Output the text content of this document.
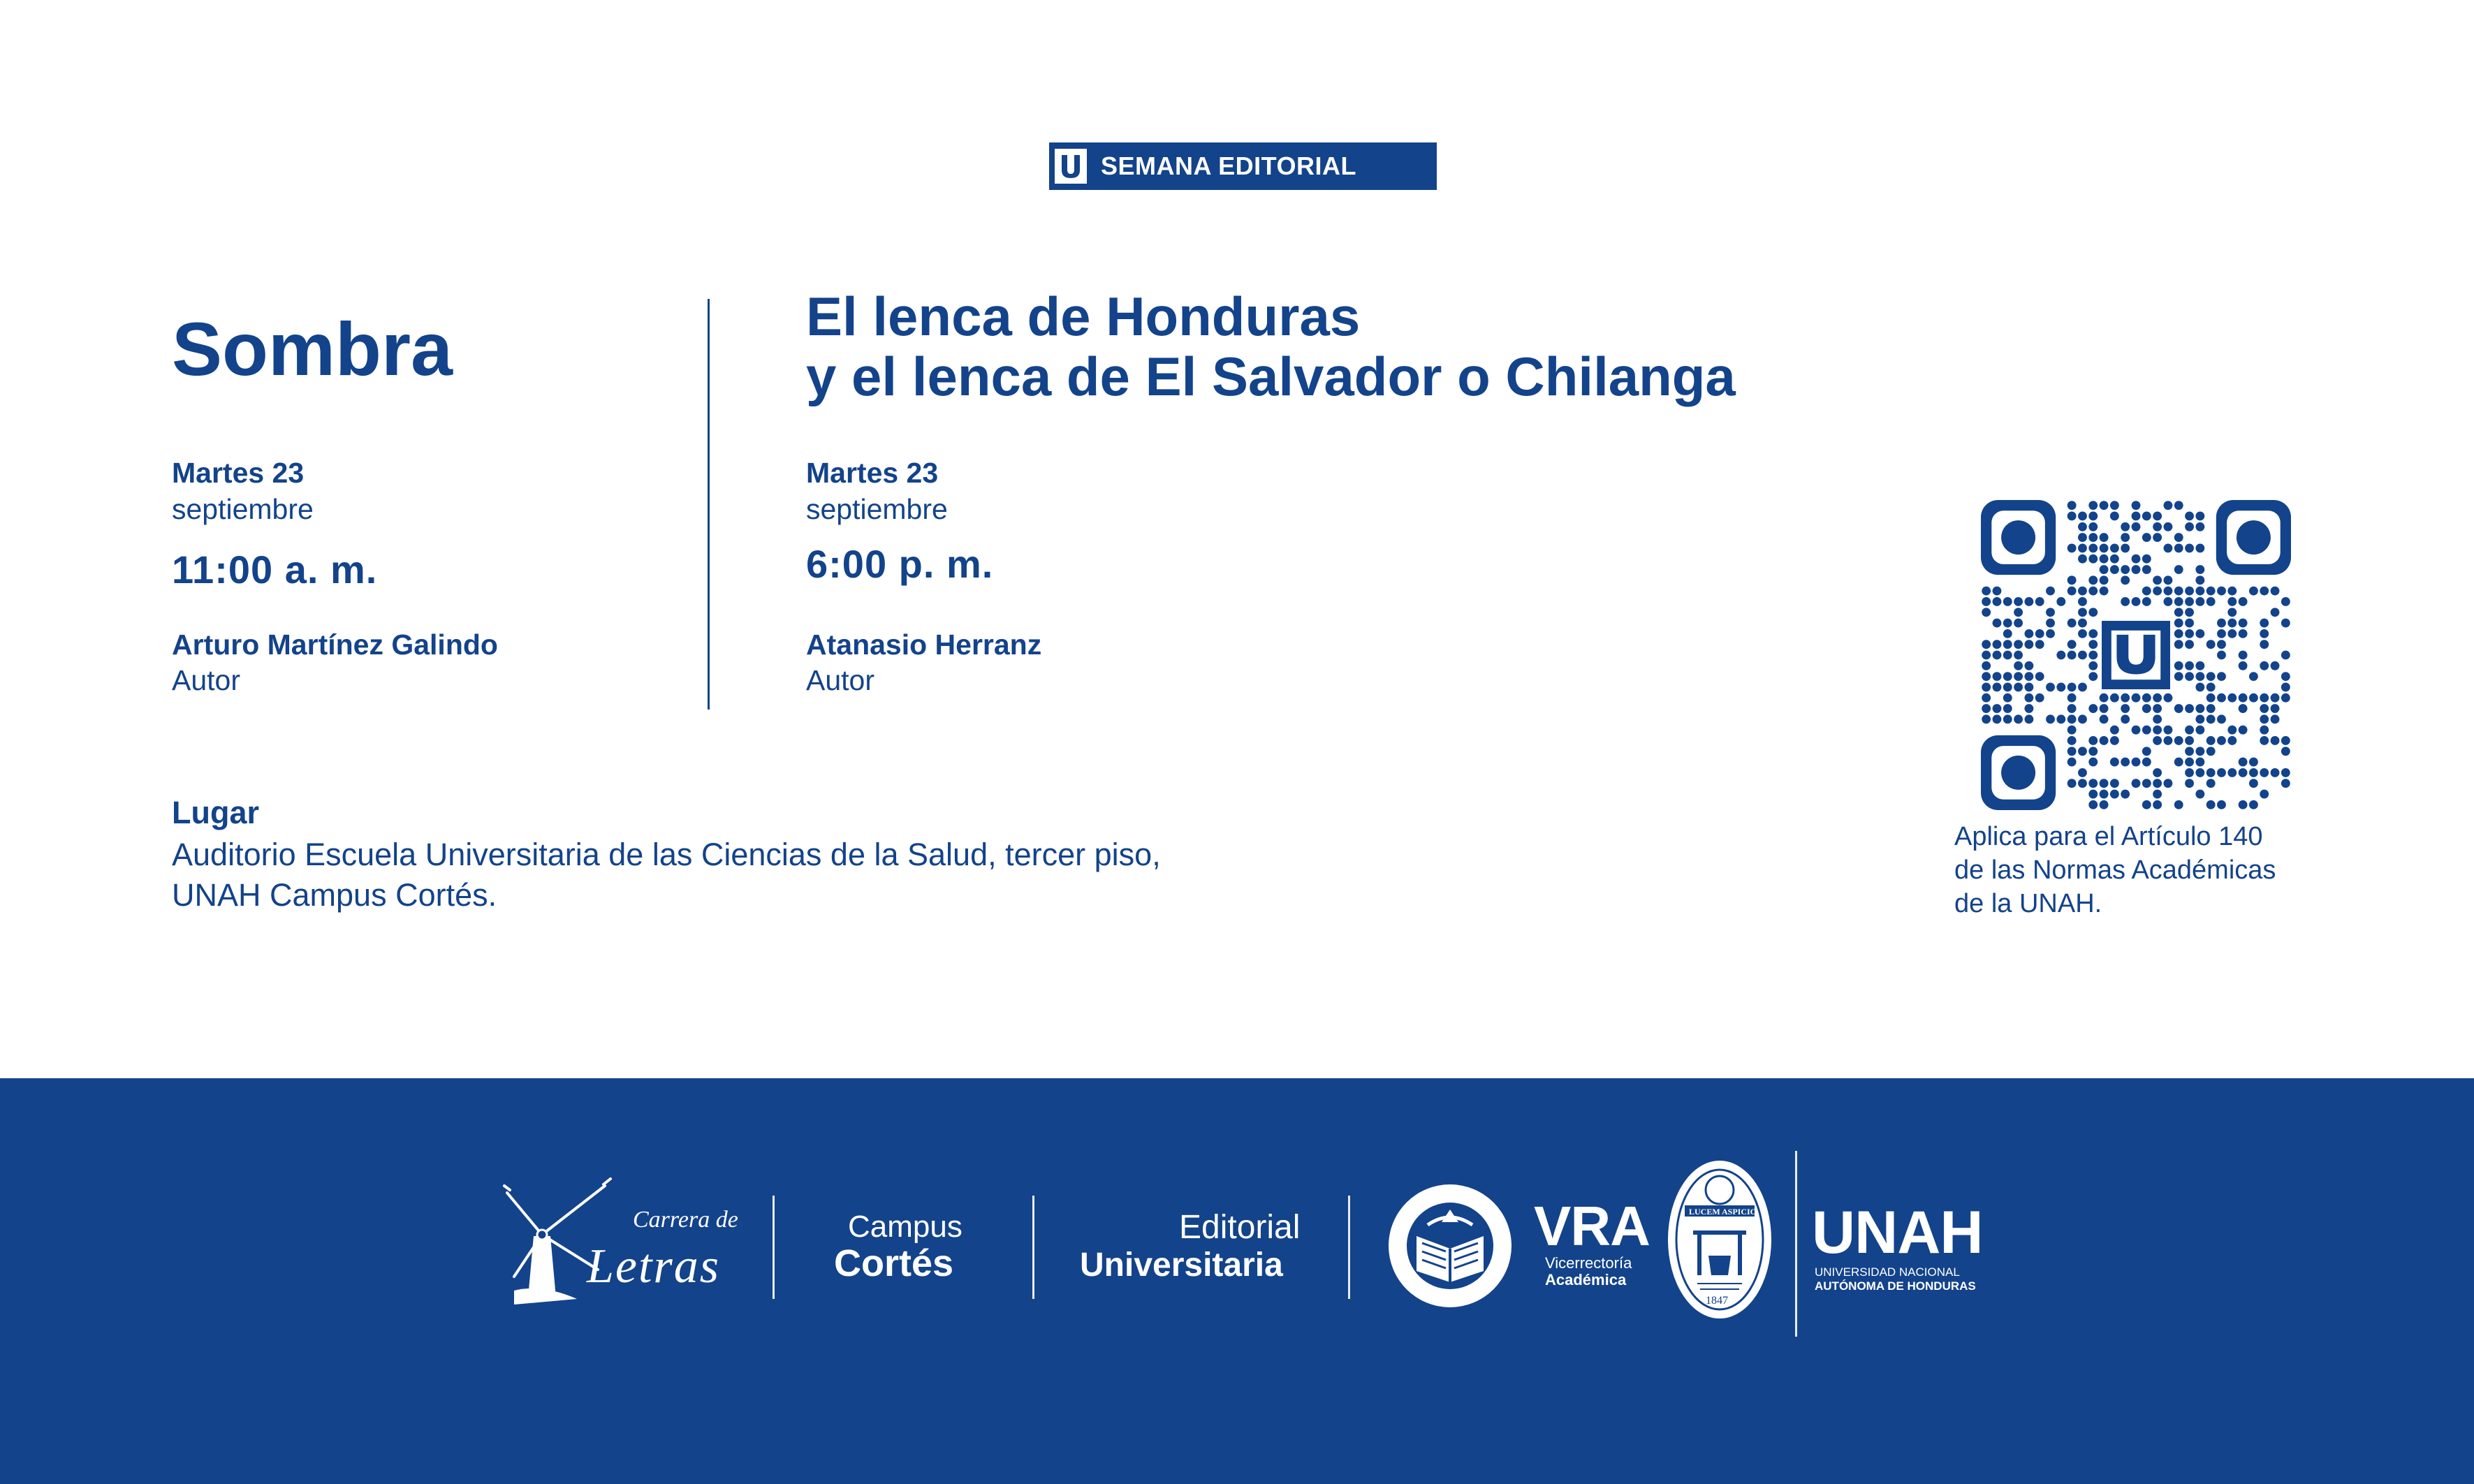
SEMANA EDITORIAL
Sombra
Martes 23
septiembre
11:00 a. m.
Arturo Martínez Galindo
Autor
El lenca de Honduras
y el lenca de El Salvador o Chilanga
Martes 23
septiembre
6:00 p. m.
Atanasio Herranz
Autor
Lugar
Auditorio Escuela Universitaria de las Ciencias de la Salud, tercer piso,
UNAH Campus Cortés.
Aplica para el Artículo 140
de las Normas Académicas
de la UNAH.
Carrera de
Letras
Campus
Cortés
Editorial
Universitaria
VRA
Vicerrectoría
Académica
LUCEM ASPICIO
1847
UNAH
UNIVERSIDAD NACIONAL
AUTÓNOMA DE HONDURAS
